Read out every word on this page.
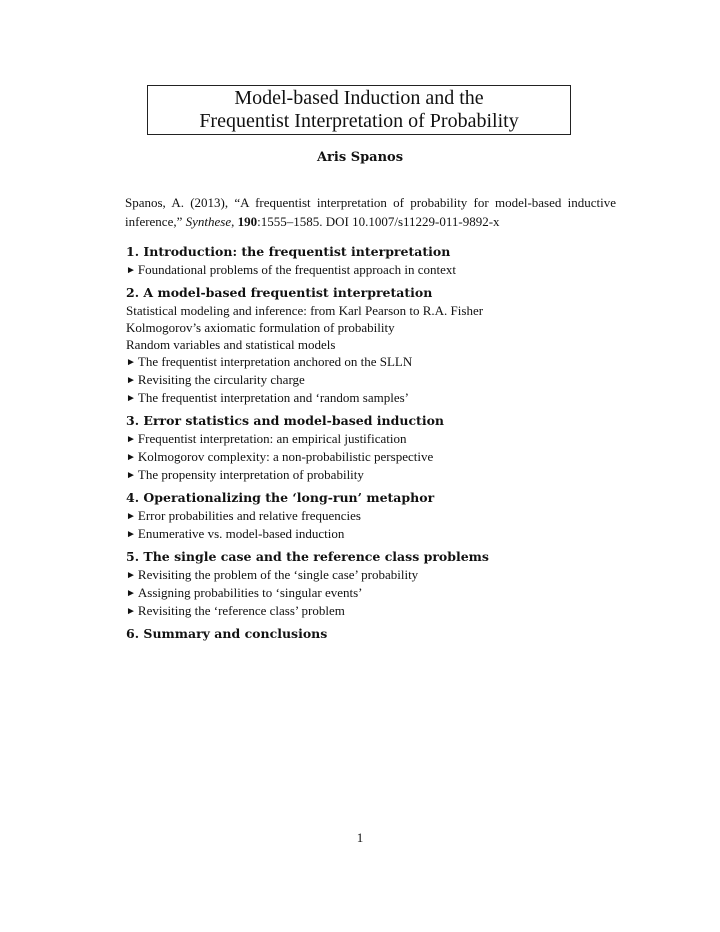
Model-based Induction and the
Frequentist Interpretation of Probability
Aris Spanos
Spanos, A. (2013), “A frequentist interpretation of probability for model-based inductive inference,” Synthese, 190:1555–1585. DOI 10.1007/s11229-011-9892-x
1. Introduction: the frequentist interpretation
► Foundational problems of the frequentist approach in context
2. A model-based frequentist interpretation
Statistical modeling and inference: from Karl Pearson to R.A. Fisher
Kolmogorov’s axiomatic formulation of probability
Random variables and statistical models
► The frequentist interpretation anchored on the SLLN
► Revisiting the circularity charge
► The frequentist interpretation and ‘random samples’
3. Error statistics and model-based induction
► Frequentist interpretation: an empirical justification
► Kolmogorov complexity: a non-probabilistic perspective
► The propensity interpretation of probability
4. Operationalizing the ‘long-run’ metaphor
► Error probabilities and relative frequencies
► Enumerative vs. model-based induction
5. The single case and the reference class problems
► Revisiting the problem of the ‘single case’ probability
► Assigning probabilities to ‘singular events’
► Revisiting the ‘reference class’ problem
6. Summary and conclusions
1
